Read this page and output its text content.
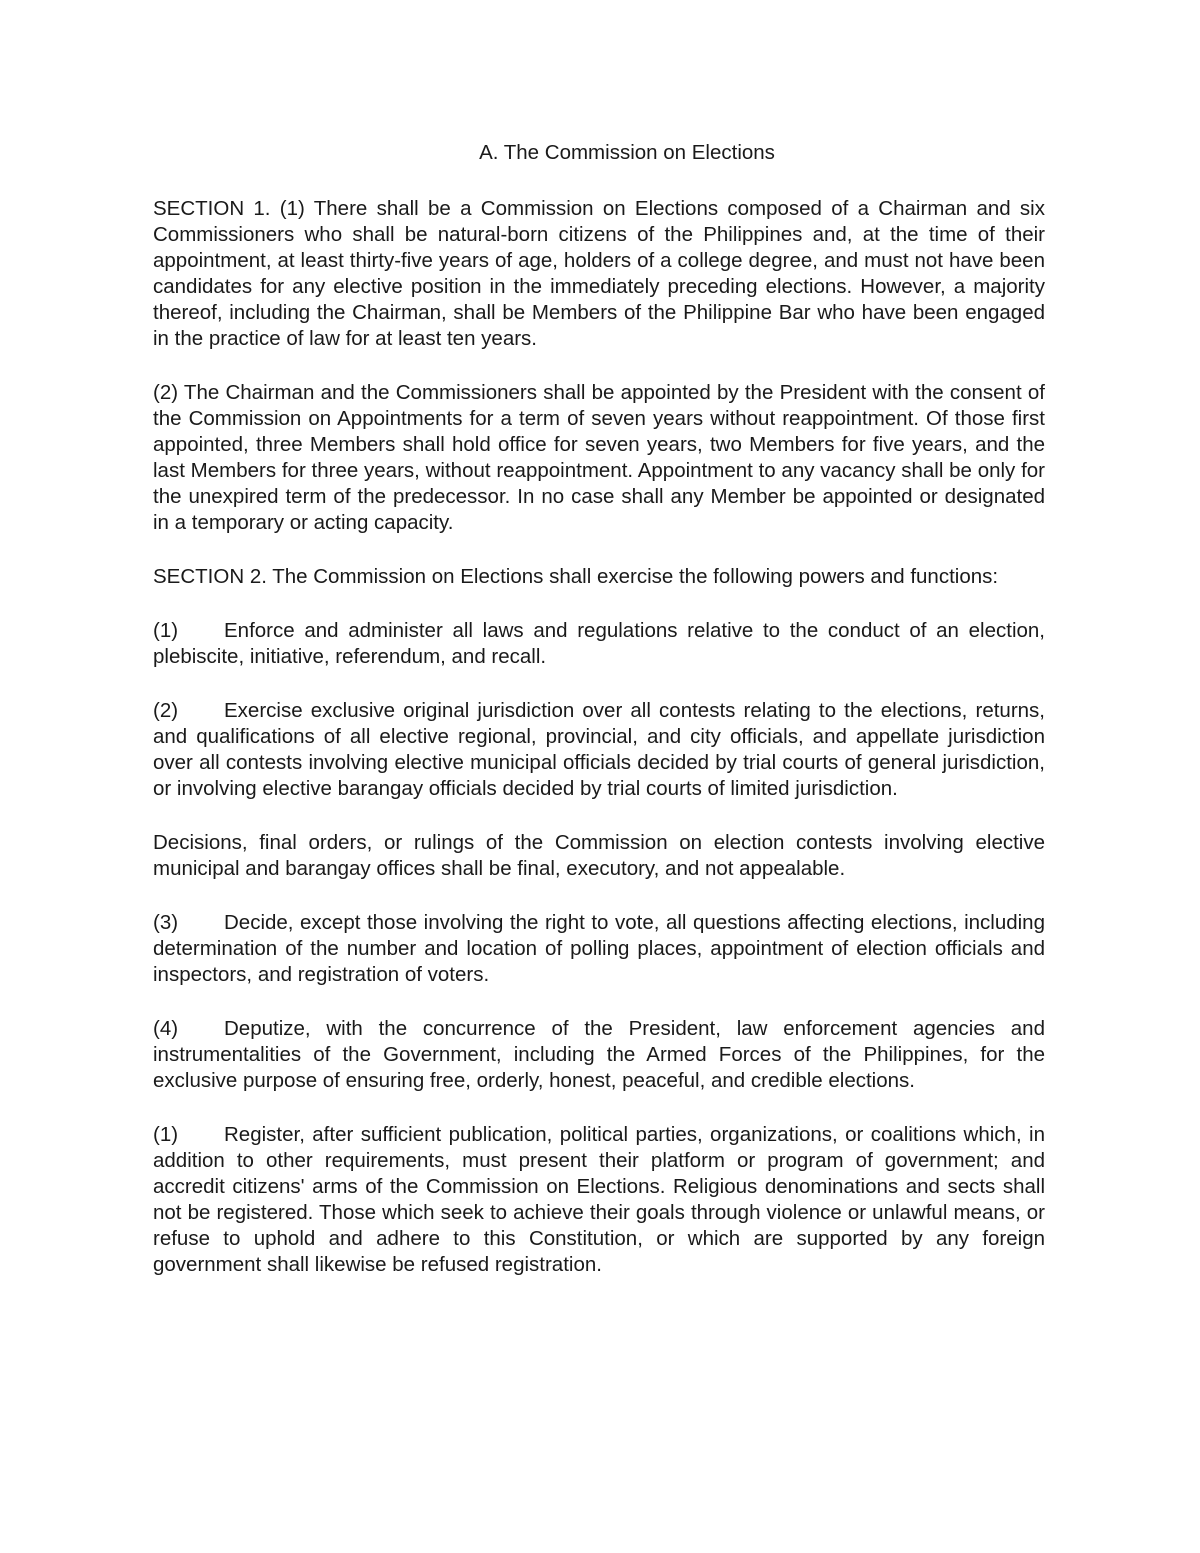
A. The Commission on Elections

SECTION 1. (1) There shall be a Commission on Elections composed of a Chairman and six Commissioners who shall be natural-born citizens of the Philippines and, at the time of their appointment, at least thirty-five years of age, holders of a college degree, and must not have been candidates for any elective position in the immediately preceding elections. However, a majority thereof, including the Chairman, shall be Members of the Philippine Bar who have been engaged in the practice of law for at least ten years.

(2) The Chairman and the Commissioners shall be appointed by the President with the consent of the Commission on Appointments for a term of seven years without reappointment. Of those first appointed, three Members shall hold office for seven years, two Members for five years, and the last Members for three years, without reappointment. Appointment to any vacancy shall be only for the unexpired term of the predecessor. In no case shall any Member be appointed or designated in a temporary or acting capacity.

SECTION 2. The Commission on Elections shall exercise the following powers and functions:

(1) Enforce and administer all laws and regulations relative to the conduct of an election, plebiscite, initiative, referendum, and recall.

(2) Exercise exclusive original jurisdiction over all contests relating to the elections, returns, and qualifications of all elective regional, provincial, and city officials, and appellate jurisdiction over all contests involving elective municipal officials decided by trial courts of general jurisdiction, or involving elective barangay officials decided by trial courts of limited jurisdiction.

Decisions, final orders, or rulings of the Commission on election contests involving elective municipal and barangay offices shall be final, executory, and not appealable.

(3) Decide, except those involving the right to vote, all questions affecting elections, including determination of the number and location of polling places, appointment of election officials and inspectors, and registration of voters.

(4) Deputize, with the concurrence of the President, law enforcement agencies and instrumentalities of the Government, including the Armed Forces of the Philippines, for the exclusive purpose of ensuring free, orderly, honest, peaceful, and credible elections.

(1) Register, after sufficient publication, political parties, organizations, or coalitions which, in addition to other requirements, must present their platform or program of government; and accredit citizens' arms of the Commission on Elections. Religious denominations and sects shall not be registered. Those which seek to achieve their goals through violence or unlawful means, or refuse to uphold and adhere to this Constitution, or which are supported by any foreign government shall likewise be refused registration.
